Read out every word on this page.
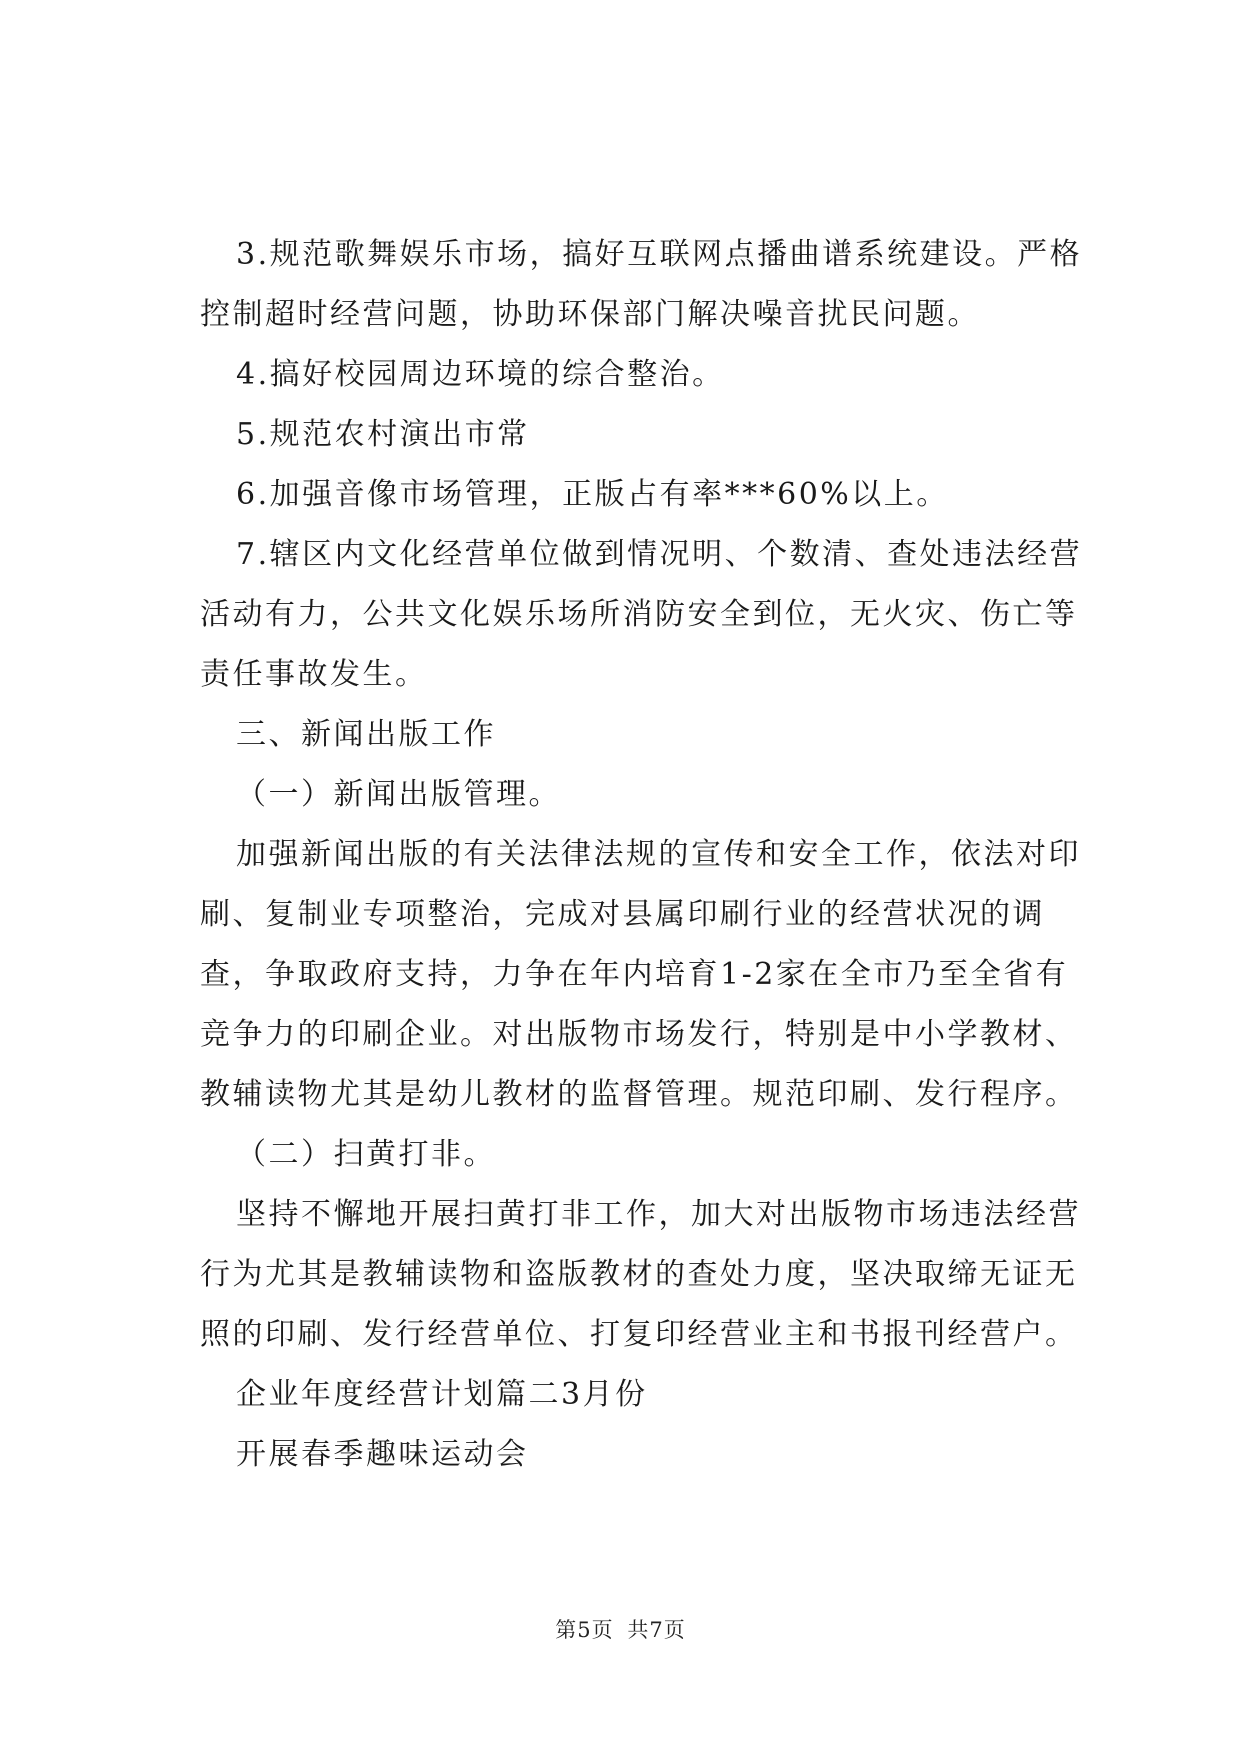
3.规范歌舞娱乐市场，搞好互联网点播曲谱系统建设。严格控制超时经营问题，协助环保部门解决噪音扰民问题。

4.搞好校园周边环境的综合整治。

5.规范农村演出市常

6.加强音像市场管理，正版占有率***60%以上。

7.辖区内文化经营单位做到情况明、个数清、查处违法经营活动有力，公共文化娱乐场所消防安全到位，无火灾、伤亡等责任事故发生。

三、新闻出版工作

（一）新闻出版管理。

加强新闻出版的有关法律法规的宣传和安全工作，依法对印刷、复制业专项整治，完成对县属印刷行业的经营状况的调查，争取政府支持，力争在年内培育1-2家在全市乃至全省有竞争力的印刷企业。对出版物市场发行，特别是中小学教材、教辅读物尤其是幼儿教材的监督管理。规范印刷、发行程序。

（二）扫黄打非。

坚持不懈地开展扫黄打非工作，加大对出版物市场违法经营行为尤其是教辅读物和盗版教材的查处力度，坚决取缔无证无照的印刷、发行经营单位、打复印经营业主和书报刊经营户。

企业年度经营计划篇二3月份

开展春季趣味运动会

第5页 共7页
